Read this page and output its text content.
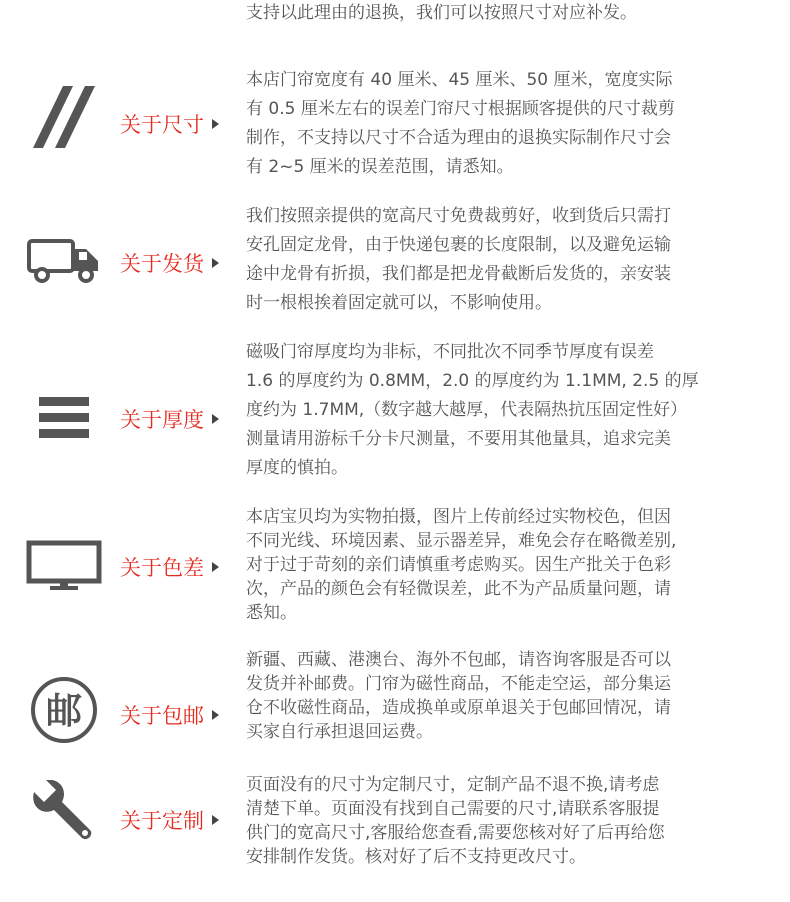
支持以此理由的退换，我们可以按照尺寸对应补发。
关于尺寸
本店门帘宽度有 40 厘米、45 厘米、50 厘米，宽度实际
有 0.5 厘米左右的误差门帘尺寸根据顾客提供的尺寸裁剪
制作，不支持以尺寸不合适为理由的退换实际制作尺寸会
有 2~5 厘米的误差范围，请悉知。
关于发货
我们按照亲提供的宽高尺寸免费裁剪好，收到货后只需打
安孔固定龙骨，由于快递包裹的长度限制，以及避免运输
途中龙骨有折损，我们都是把龙骨截断后发货的，亲安装
时一根根挨着固定就可以，不影响使用。
关于厚度
磁吸门帘厚度均为非标，不同批次不同季节厚度有误差
1.6 的厚度约为 0.8MM，2.0 的厚度约为 1.1MM, 2.5 的厚
度约为 1.7MM,（数字越大越厚，代表隔热抗压固定性好）
测量请用游标千分卡尺测量，不要用其他量具，追求完美
厚度的慎拍。
关于色差
本店宝贝均为实物拍摄，图片上传前经过实物校色，但因
不同光线、环境因素、显示器差异，难免会存在略微差别,
对于过于苛刻的亲们请慎重考虑购买。因生产批关于色彩
次，产品的颜色会有轻微误差，此不为产品质量问题，请
悉知。
邮 关于包邮
新疆、西藏、港澳台、海外不包邮，请咨询客服是否可以
发货并补邮费。门帘为磁性商品，不能走空运，部分集运
仓不收磁性商品，造成换单或原单退关于包邮回情况，请
买家自行承担退回运费。
关于定制
页面没有的尺寸为定制尺寸，定制产品不退不换,请考虑
清楚下单。页面没有找到自己需要的尺寸,请联系客服提
供门的宽高尺寸,客服给您查看,需要您核对好了后再给您
安排制作发货。核对好了后不支持更改尺寸。
